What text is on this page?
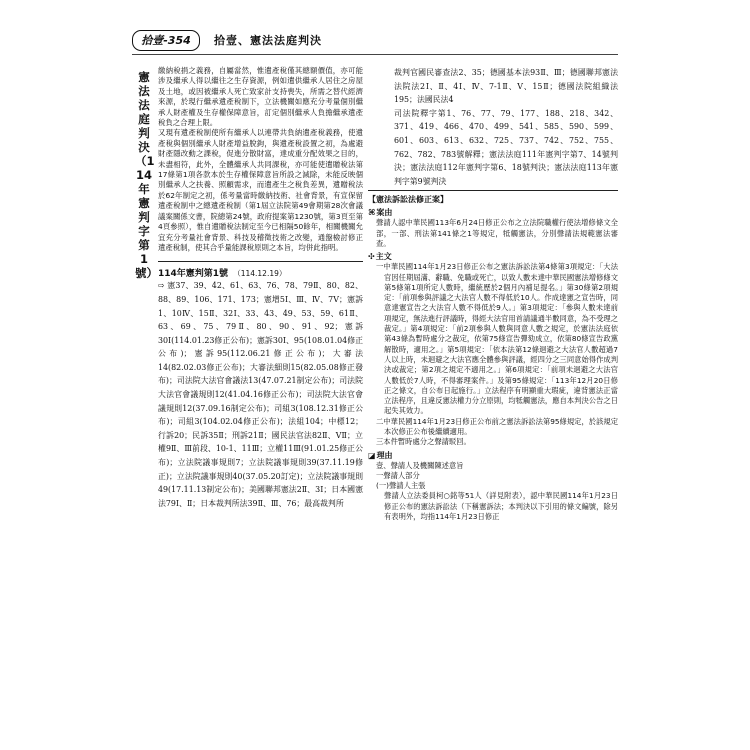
拾壹-354	拾壹、憲法法庭判決
憲法法庭判決（114年憲判字第1號）

繳納稅捐之義務，自屬當然，惟遺產稅僅其總額價值，亦可能涉及繼承人得以繼往之生存資源，例如遺供繼承人居住之房屋及土地，或因被繼承人死亡致家計支持喪失，所需之替代經濟來源，於現行繼承遺產稅制下，立法機關如應充分考量個別繼承人財產權及生存權保障意旨，訂定個別繼承人負擔繼承遺產稅負之合理上限。

又現有遺產稅制使所有繼承人以連帶共負納遺產稅義務，使遺產稅與個別繼承人財產增益脫鉤，與遺產稅設置之初，為處避財產隱改動之課稅，促進分散財富，達成重分配效果之目的，未盡相符，此外，全體繼承人共同課稅，亦可能使遺贈稅法第17條第1項各款本於生存權保障意旨所設之減除，未能反映個別繼承人之扶養、照顧需求，而遺產生之稅負差異，遺贈稅法於62年制定之初，係考量當時繳納技術、社會背景，有宣保留遺產稅制中之總遺產稅制（第1屆立法院第49會期第28次會議議案關係文書，院總第24號，政府提案第1230號，第3頁至第4頁參照），惟自遺贈稅法制定至今已相隔50餘年，相關機關允宜充分考量社會背景、科技及稽徵技術之改變，通盤檢討修正遺產稅制，使其合乎量能課稅原則之本旨，均併此指明。

114年憲判第1號 （114.12.19）
⇨ 憲37、39、42、61、63、76、78、79Ⅱ、80、82、88、89、106、171、173；憲增5Ⅰ、Ⅲ、Ⅳ、7Ⅴ；憲訴1、10Ⅳ、15Ⅱ、32Ⅰ、33、43、49、53、59、61Ⅱ、63、69、75、79Ⅱ、80、90、91、92；憲訴30Ⅰ(114.01.23修正公布)；憲訴30Ⅰ、95(108.01.04修正公布)；憲訴95(112.06.21修正公布)；大審法14(82.02.03修正公布)；大審法細則15(82.05.08修正發布)；司法院大法官會議法13(47.07.21制定公布)；司法院大法官會議規則12(41.04.16修正公布)；司法院大法官會議規則12(37.09.16制定公布)；司組3(108.12.31修正公布)；司組3(104.02.04修正公布)；法組104；中標12；行訴20；民訴35Ⅱ；刑訴21Ⅱ；國民法官法82Ⅱ、ⅤⅡ；立權9Ⅱ、Ⅲ前段、10-1、11Ⅲ；立權11Ⅲ(91.01.25修正公布)；立法院議事規則7；立法院議事規則39(37.11.19修正)；立法院議事規則40(37.05.20訂定)；立法院議事規則49(17.11.13制定公布)；美國聯邦憲法2Ⅱ、3Ⅰ；日本國憲法79Ⅰ、Ⅱ；日本裁判所法39Ⅱ、Ⅲ、76；最高裁判所
裁判官國民審查法2、35；德國基本法93Ⅱ、Ⅲ；德國聯邦憲法法院法2Ⅰ、Ⅱ、4Ⅰ、Ⅳ、7-1Ⅱ、Ⅴ、15Ⅱ；德國法院組織法195；法國民法4
司法院釋字第1、76、77、79、177、188、218、342、371、419、466、470、499、541、585、590、599、601、603、613、632、725、737、742、752、755、762、782、783號解釋；憲法法庭111年憲判字第7、14號判決；憲法法庭112年憲判字第6、18號判決；憲法法庭113年憲判字第9號判決
【憲法訴訟法修正案】
⌘案由
聲請人認中華民國113年6月24日修正公布之立法院職權行使法增修條文全部，一部、刑法第141條之1等規定，牴觸憲法，分別聲請法規範憲法審查。
✣主文
一中華民國114年1月23日修正公布之憲法訴訟法第4條第3項規定：「大法官因任期屆滿、辭職、免職或死亡，以致人數未達中華民國憲法增修條文第5條第1項所定人數時，繼統歷於2個月內補足提名。」第30條第2項規定：「前項參與評議之大法官人數不得低於10人。作成達憲之宣告時，同意達憲宣告之大法官人數不得低於9人。」第3項規定：「參與人數未達前項規定，無法進行評議時，得經大法官用首請議通半數同意，為不受理之裁定。」第4項規定：「前2項參與人數與同意人數之規定，於憲法法庭依第43條為暫時處分之裁定，依第75條宣告彈劾成立，依第80條宣告政黨解散時，適用之。」第5項規定：「依本法第12條迴避之大法官人數超過7人以上時，未迴避之大法官應全體參與評議，經四分之三同意始得作成判決或裁定；第2項之規定不適用之。」第6項規定：「前項未迴避之大法官人數低於7人時，不得審理案件。」及第95條規定：「113年12月20日修正之條文，自公布日起施行。」立法程序有明顯重大瑕疵，違背憲法正當立法程序，且違反憲法權力分立原則，均牴觸憲法，應自本判決公告之日起失其效力。
二中華民國114年1月23日修正公布前之憲法訴訟法第95條規定，於該規定本次修正公布後繼續適用。
三本件暫時處分之聲請駁回。
◪理由
壹、聲請人及機關陳述意旨
一聲請人部分
(一)聲請人主張
聲請人立法委員柯○銘等51人（詳見附表），認中華民國114年1月23日修正公布的憲法訴訟法（下稱憲訴法；本判決以下引用的條文編號，除另有表明外，均指114年1月23日修正
